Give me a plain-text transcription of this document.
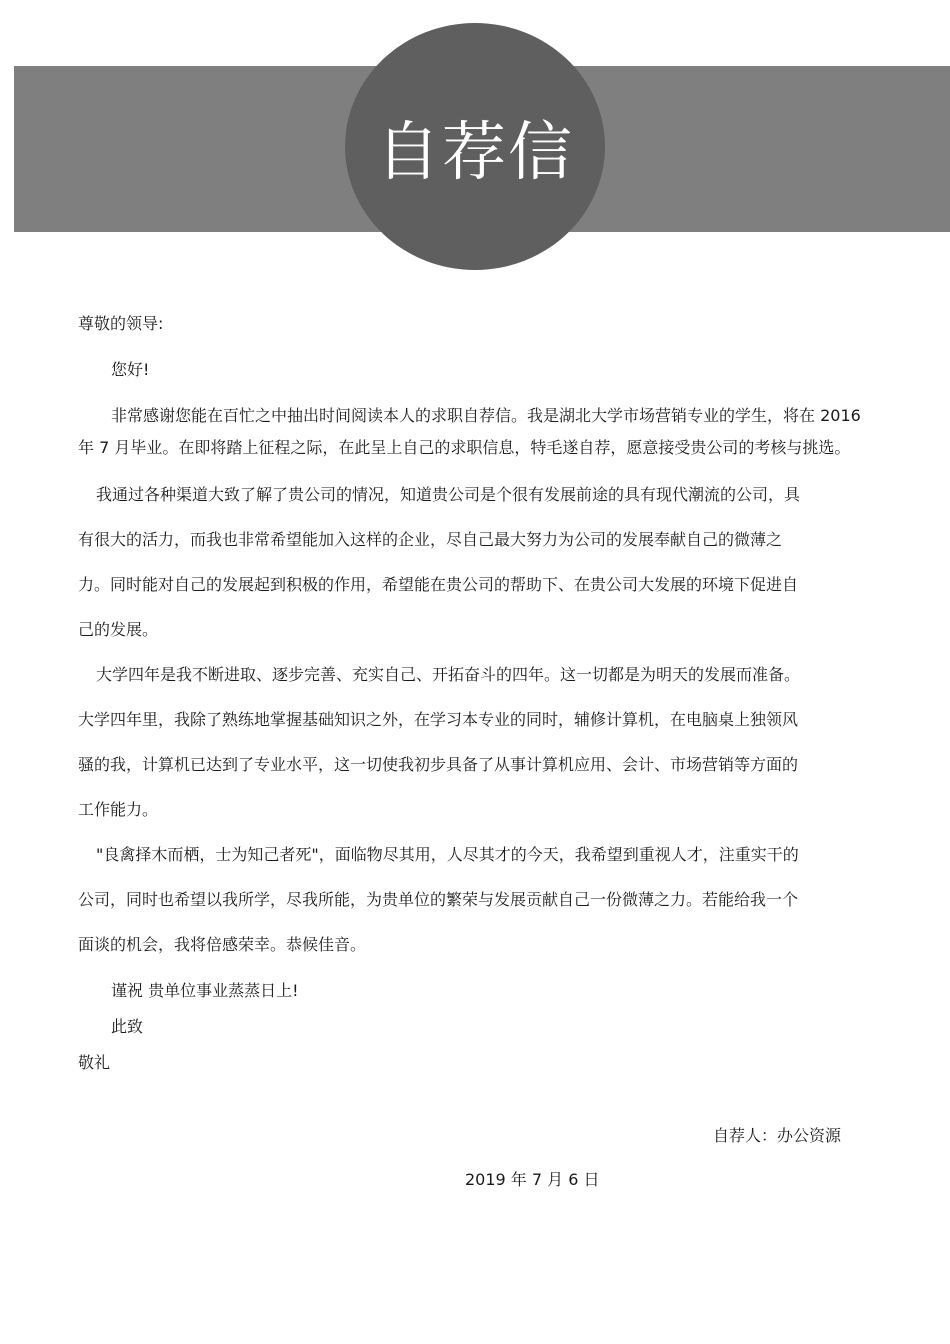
自荐信

尊敬的领导:

您好!

非常感谢您能在百忙之中抽出时间阅读本人的求职自荐信。我是湖北大学市场营销专业的学生，将在 2016 年 7 月毕业。在即将踏上征程之际，在此呈上自己的求职信息，特毛遂自荐，愿意接受贵公司的考核与挑选。

我通过各种渠道大致了解了贵公司的情况，知道贵公司是个很有发展前途的具有现代潮流的公司，具有很大的活力，而我也非常希望能加入这样的企业，尽自己最大努力为公司的发展奉献自己的微薄之力。同时能对自己的发展起到积极的作用，希望能在贵公司的帮助下、在贵公司大发展的环境下促进自己的发展。

大学四年是我不断进取、逐步完善、充实自己、开拓奋斗的四年。这一切都是为明天的发展而准备。大学四年里，我除了熟练地掌握基础知识之外，在学习本专业的同时，辅修计算机，在电脑桌上独领风骚的我，计算机已达到了专业水平，这一切使我初步具备了从事计算机应用、会计、市场营销等方面的工作能力。

"良禽择木而栖，士为知己者死"，面临物尽其用，人尽其才的今天，我希望到重视人才，注重实干的公司，同时也希望以我所学，尽我所能，为贵单位的繁荣与发展贡献自己一份微薄之力。若能给我一个面谈的机会，我将倍感荣幸。恭候佳音。

谨祝 贵单位事业蒸蒸日上!

此致

敬礼

自荐人：办公资源
2019 年 7 月 6 日
